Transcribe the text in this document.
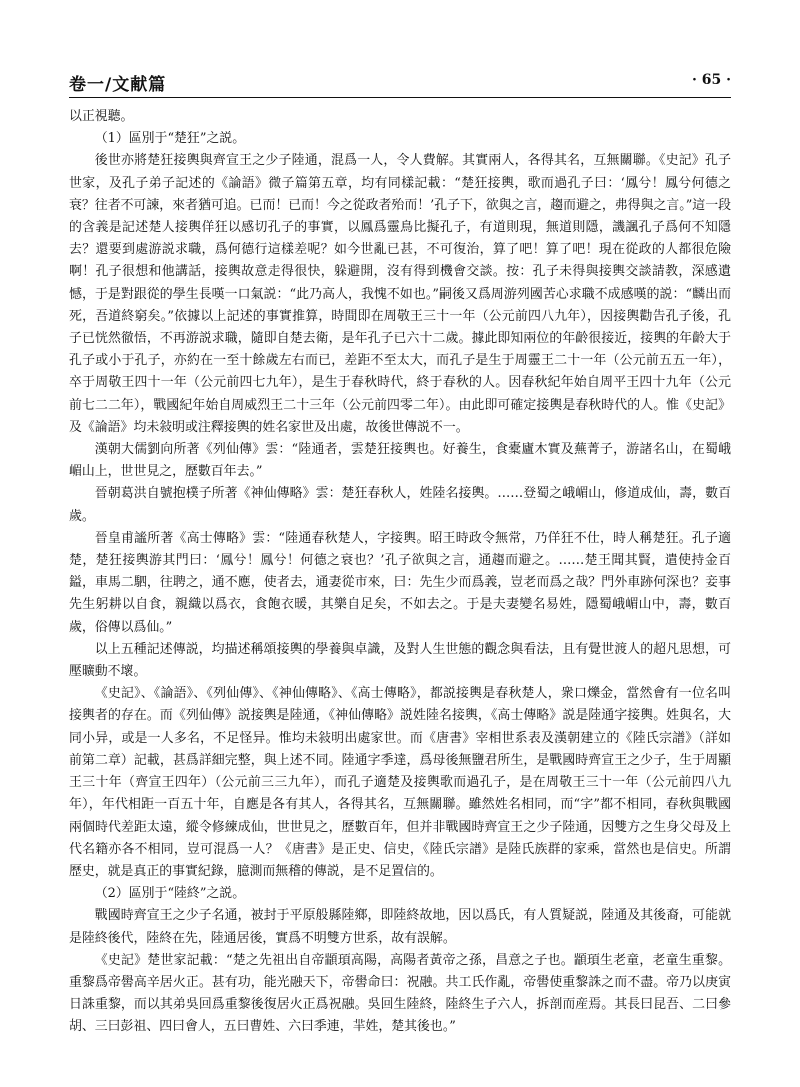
卷一/文献篇	· 65 ·

以正視聽。

（1）區別于“楚狂”之説。

後世亦將楚狂接輿與齊宣王之少子陸通，混爲一人，令人費解。其實兩人，各得其名，互無關聯。《史記》孔子世家，及孔子弟子記述的《論語》微子篇第五章，均有同樣記載：“楚狂接輿，歌而過孔子曰：‘鳳兮！鳳兮何德之衰？往者不可諫，來者猶可追。已而！已而！今之從政者殆而！’孔子下，欲與之言，趨而避之，弗得與之言。”這一段的含義是記述楚人接輿佯狂以感切孔子的事實，以鳳爲靈鳥比擬孔子，有道則現，無道則隱，譏諷孔子爲何不知隱去？還要到處游説求職，爲何德行這樣差呢？如今世亂已甚，不可復治，算了吧！算了吧！現在從政的人都很危險啊！孔子很想和他講話，接輿故意走得很快，躲避開，沒有得到機會交談。按：孔子未得與接輿交談請教，深感遺憾，于是對跟從的學生長嘆一口氣説：“此乃高人，我愧不如也。”嗣後又爲周游列國苦心求職不成感嘆的説：“麟出而死，吾道終窮矣。”依據以上記述的事實推算，時間即在周敬王三十一年（公元前四八九年），因接輿勸告孔子後，孔子已恍然徹悟，不再游説求職，隨即自楚去衛，是年孔子已六十二歲。據此即知兩位的年齡很接近，接輿的年齡大于孔子或小于孔子，亦約在一至十餘歲左右而已，差距不至太大，而孔子是生于周靈王二十一年（公元前五五一年），卒于周敬王四十一年（公元前四七九年），是生于春秋時代，終于春秋的人。因春秋紀年始自周平王四十九年（公元前七二二年），戰國紀年始自周威烈王二十三年（公元前四零二年）。由此即可確定接輿是春秋時代的人。惟《史記》及《論語》均未敍明或注釋接輿的姓名家世及出處，故後世傳説不一。

漢朝大儒劉向所著《列仙傳》雲：“陸通者，雲楚狂接輿也。好養生，食橐廬木實及蕪菁子，游諸名山，在蜀峨嵋山上，世世見之，歷數百年去。”

晉朝葛洪自號抱樸子所著《神仙傳略》雲：楚狂春秋人，姓陸名接輿。……登蜀之峨嵋山，修道成仙，壽，數百歲。

晉皇甫謐所著《高士傳略》雲：“陸通春秋楚人，字接輿。昭王時政令無常，乃佯狂不仕，時人稱楚狂。孔子適楚，楚狂接輿游其門曰：‘鳳兮！鳳兮！何德之衰也？’孔子欲與之言，通趨而避之。……楚王聞其賢，遣使持金百鎰，車馬二駟，往聘之，通不應，使者去，通妻從市來，曰：先生少而爲義，豈老而爲之哉？門外車跡何深也？妾事先生躬耕以自食，親織以爲衣，食飽衣暖，其樂自足矣，不如去之。于是夫妻變名易姓，隱蜀峨嵋山中，壽，數百歲，俗傳以爲仙。”

以上五種記述傳説，均描述稱頌接輿的學養與卓識，及對人生世態的觀念與看法，且有覺世渡人的超凡思想，可壓曠動不壞。

《史記》、《論語》、《列仙傳》、《神仙傳略》、《高士傳略》，都説接輿是春秋楚人，衆口爍金，當然會有一位名叫接輿者的存在。而《列仙傳》説接輿是陸通，《神仙傳略》説姓陸名接輿，《高士傳略》説是陸通字接輿。姓與名，大同小异，或是一人多名，不足怪异。惟均未敍明出處家世。而《唐書》宰相世系表及漢朝建立的《陸氏宗譜》（詳如前第二章）記載，甚爲詳細完整，與上述不同。陸通字季達，爲母後無鹽君所生，是戰國時齊宣王之少子，生于周顯王三十年（齊宣王四年）（公元前三三九年），而孔子適楚及接輿歌而過孔子，是在周敬王三十一年（公元前四八九年），年代相距一百五十年，自應是各有其人，各得其名，互無關聯。雖然姓名相同，而“字”都不相同，春秋與戰國兩個時代差距太遠，縱令修練成仙，世世見之，歷數百年，但并非戰國時齊宣王之少子陸通，因雙方之生身父母及上代名籍亦各不相同，豈可混爲一人？《唐書》是正史、信史，《陸氏宗譜》是陸氏族群的家乘，當然也是信史。所謂歷史，就是真正的事實紀錄，臆測而無稽的傳説，是不足置信的。

（2）區別于“陸終”之説。

戰國時齊宣王之少子名通，被封于平原般縣陸鄉，即陸終故地，因以爲氏，有人質疑説，陸通及其後裔，可能就是陸終後代，陸終在先，陸通居後，實爲不明雙方世系，故有誤解。

《史記》楚世家記載：“楚之先祖出自帝顓頊高陽，高陽者黃帝之孫，昌意之子也。顓頊生老童，老童生重黎。重黎爲帝嚳高辛居火正。甚有功，能光融天下，帝嚳命曰：祝融。共工氏作亂，帝嚳使重黎誅之而不盡。帝乃以庚寅日誅重黎，而以其弟吳回爲重黎後復居火正爲祝融。吳回生陸終，陸終生子六人，拆剖而産焉。其長曰昆吾、二曰參胡、三曰彭祖、四曰會人，五曰曹姓、六曰季連，羋姓，楚其後也。”
